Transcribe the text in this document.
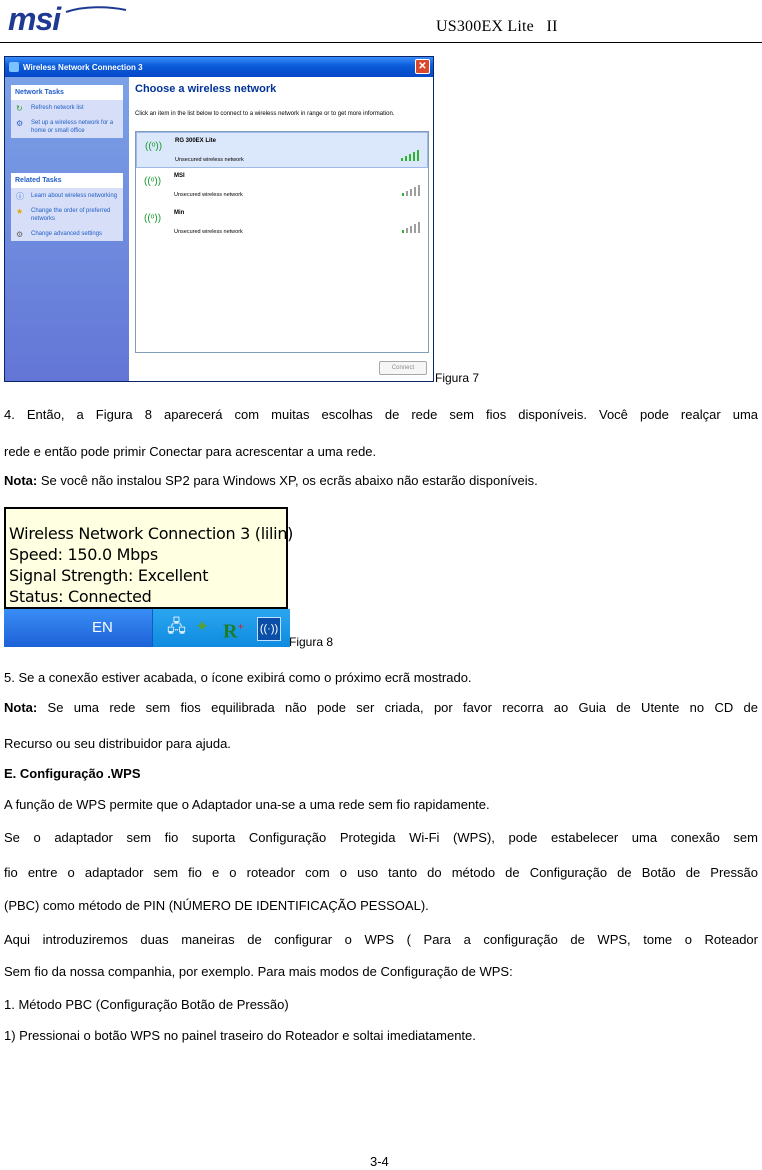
msi	US300EX Lite   II
Wireless Network Connection 3	✕
Network Tasks
↻	Refresh network list
⚙	Set up a wireless network for a home or small office
Related Tasks
ⓘ Learn about wireless networking
★	Change the order of preferred networks
⚙	Change advanced settings
Choose a wireless network
Click an item in the list below to connect to a wireless network in range or to get more information.
((ᵒ)) RG 300EX Lite
Unsecured wireless network
((ᵒ)) MSI
Unsecured wireless network
((ᵒ)) Min
Unsecured wireless network
Connect
Figura 7
4. Então, a Figura 8 aparecerá com muitas escolhas de rede sem fios disponíveis. Você pode realçar uma
rede e então pode primir Conectar para acrescentar a uma rede.
Nota: Se você não instalou SP2 para Windows XP, os ecrãs abaixo não estarão disponíveis.
Wireless Network Connection 3 (lilin)
Speed: 150.0 Mbps
Signal Strength: Excellent
Status: Connected
EN	🖧 ✦ R+ ((·))
Figura 8
5. Se a conexão estiver acabada, o ícone exibirá como o próximo ecrã mostrado.
Nota: Se uma rede sem fios equilibrada não pode ser criada, por favor recorra ao Guia de Utente no CD de
Recurso ou seu distribuidor para ajuda.
E. Configuração .WPS
A função de WPS permite que o Adaptador una-se a uma rede sem fio rapidamente.
Se o adaptador sem fio suporta Configuração Protegida Wi-Fi (WPS), pode estabelecer uma conexão sem
fio entre o adaptador sem fio e o roteador com o uso tanto do método de Configuração de Botão de Pressão
(PBC) como método de PIN (NÚMERO DE IDENTIFICAÇÃO PESSOAL).
Aqui introduziremos duas maneiras de configurar o WPS ( Para a configuração de WPS, tome o Roteador
Sem fio da nossa companhia, por exemplo. Para mais modos de Configuração de WPS:
1. Método PBC (Configuração Botão de Pressão)
1) Pressionai o botão WPS no painel traseiro do Roteador e soltai imediatamente.
3-4
